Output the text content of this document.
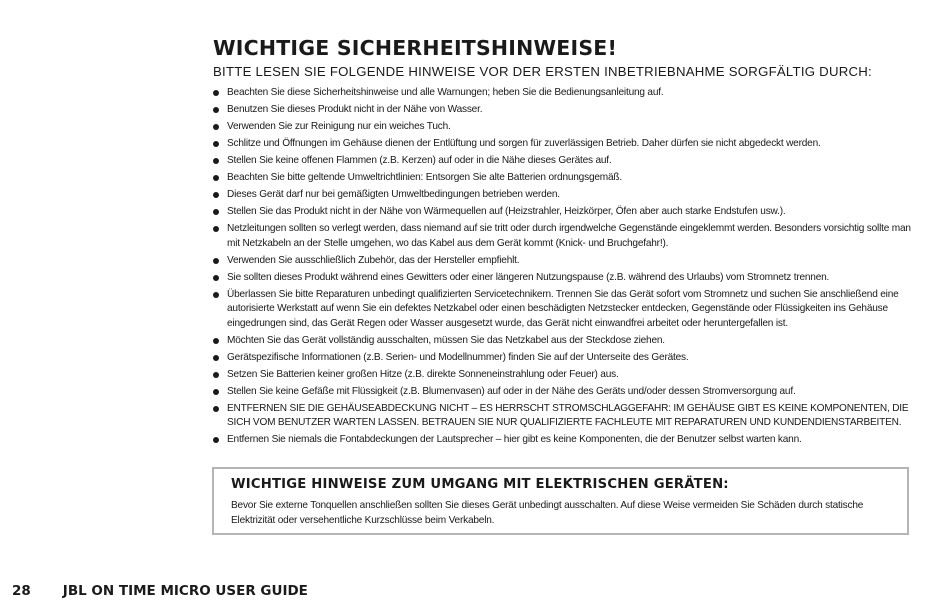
WICHTIGE SICHERHEITSHINWEISE!

BITTE LESEN SIE FOLGENDE HINWEISE VOR DER ERSTEN INBETRIEBNAHME SORGFÄLTIG DURCH:

Beachten Sie diese Sicherheitshinweise und alle Warnungen; heben Sie die Bedienungsanleitung auf.
Benutzen Sie dieses Produkt nicht in der Nähe von Wasser.
Verwenden Sie zur Reinigung nur ein weiches Tuch.
Schlitze und Öffnungen im Gehäuse dienen der Entlüftung und sorgen für zuverlässigen Betrieb. Daher dürfen sie nicht abgedeckt werden.
Stellen Sie keine offenen Flammen (z.B. Kerzen) auf oder in die Nähe dieses Gerätes auf.
Beachten Sie bitte geltende Umweltrichtlinien: Entsorgen Sie alte Batterien ordnungsgemäß.
Dieses Gerät darf nur bei gemäßigten Umweltbedingungen betrieben werden.
Stellen Sie das Produkt nicht in der Nähe von Wärmequellen auf (Heizstrahler, Heizkörper, Öfen aber auch starke Endstufen usw.).
Netzleitungen sollten so verlegt werden, dass niemand auf sie tritt oder durch irgendwelche Gegenstände eingeklemmt werden. Besonders vorsichtig sollte man mit Netzkabeln an der Stelle umgehen, wo das Kabel aus dem Gerät kommt (Knick- und Bruchgefahr!).
Verwenden Sie ausschließlich Zubehör, das der Hersteller empfiehlt.
Sie sollten dieses Produkt während eines Gewitters oder einer längeren Nutzungspause (z.B. während des Urlaubs) vom Stromnetz trennen.
Überlassen Sie bitte Reparaturen unbedingt qualifizierten Servicetechnikern. Trennen Sie das Gerät sofort vom Stromnetz und suchen Sie anschließend eine autorisierte Werkstatt auf wenn Sie ein defektes Netzkabel oder einen beschädigten Netzstecker entdecken, Gegenstände oder Flüssigkeiten ins Gehäuse eingedrungen sind, das Gerät Regen oder Wasser ausgesetzt wurde, das Gerät nicht einwandfrei arbeitet oder heruntergefallen ist.
Möchten Sie das Gerät vollständig ausschalten, müssen Sie das Netzkabel aus der Steckdose ziehen.
Gerätspezifische Informationen (z.B. Serien- und Modellnummer) finden Sie auf der Unterseite des Gerätes.
Setzen Sie Batterien keiner großen Hitze (z.B. direkte Sonneneinstrahlung oder Feuer) aus.
Stellen Sie keine Gefäße mit Flüssigkeit (z.B. Blumenvasen) auf oder in der Nähe des Geräts und/oder dessen Stromversorgung auf.
ENTFERNEN SIE DIE GEHÄUSEABDECKUNG NICHT – ES HERRSCHT STROMSCHLAGGEFAHR: IM GEHÄUSE GIBT ES KEINE KOMPONENTEN, DIE SICH VOM BENUTZER WARTEN LASSEN. BETRAUEN SIE NUR QUALIFIZIERTE FACHLEUTE MIT REPARATUREN UND KUNDENDIENSTARBEITEN.
Entfernen Sie niemals die Fontabdeckungen der Lautsprecher – hier gibt es keine Komponenten, die der Benutzer selbst warten kann.
WICHTIGE HINWEISE ZUM UMGANG MIT ELEKTRISCHEN GERÄTEN:

Bevor Sie externe Tonquellen anschließen sollten Sie dieses Gerät unbedingt ausschalten. Auf diese Weise vermeiden Sie Schäden durch statische Elektrizität oder versehentliche Kurzschlüsse beim Verkabeln.

28 JBL ON TIME MICRO USER GUIDE
